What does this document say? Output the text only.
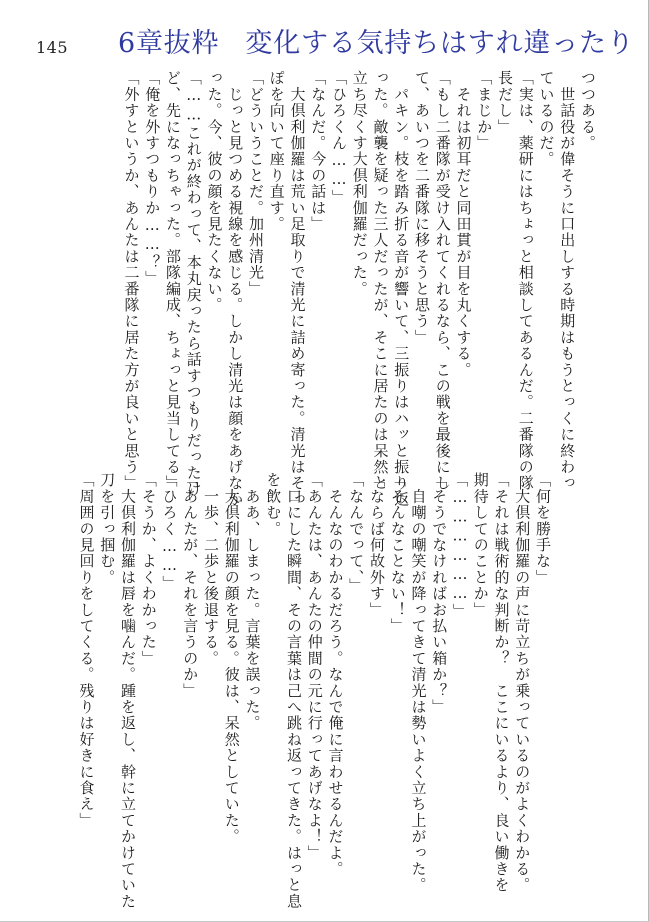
145 6章抜粋 変化する気持ちはすれ違ったり
つつある。
　世話役が偉そうに口出しする時期はもうとっくに終わっ
ているのだ。
「実は、薬研にはちょっと相談してあるんだ。二番隊の隊
長だし」
「まじか」
　それは初耳だと同田貫が目を丸くする。
「もし二番隊が受け入れてくれるなら、この戦を最後にし
て、あいつを二番隊に移そうと思う」
　パキン。枝を踏み折る音が響いて、三振りはハッと振り返
った。敵襲を疑った三人だったが、そこに居たのは呆然と
立ち尽くす大倶利伽羅だった。
「ひろくん……」
「なんだ。今の話は」
　大倶利伽羅は荒い足取りで清光に詰め寄った。清光はそっ
ぽを向いて座り直す。
「どういうことだ。加州清光」
　じっと見つめる視線を感じる。しかし清光は顔をあげなか
った。今、彼の顔を見たくない。
「……これが終わって、本丸戻ったら話すつもりだったけ
ど、先になっちゃった。部隊編成、ちょっと見当してる」
「俺を外すつもりか……？」
「外すというか、あんたは二番隊に居た方が良いと思う」
「何を勝手な」
　大倶利伽羅の声に苛立ちが乗っているのがよくわかる。
「それは戦術的な判断か？　ここにいるより、良い働きを
期待してのことか」
「………………」
「そうでなければお払い箱か？」
　自嘲の嘲笑が降ってきて清光は勢いよく立ち上がった。
「そんなことない！」
「ならば何故外す」
「なんでって、」
　そんなのわかるだろう。なんで俺に言わせるんだよ。
「あんたは、あんたの仲間の元に行ってあげなよ！」
　口にした瞬間、その言葉は己へ跳ね返ってきた。はっと息
を飲む。
　ああ、しまった。言葉を誤った。
　大倶利伽羅の顔を見る。彼は、呆然としていた。
　一歩、二歩と後退する。
「あんたが、それを言うのか」
「ひろく……」
「そうか、よくわかった」
　大倶利伽羅は唇を噛んだ。踵を返し、幹に立てかけていた
刀を引っ掴む。
「周囲の見回りをしてくる。残りは好きに食え」
